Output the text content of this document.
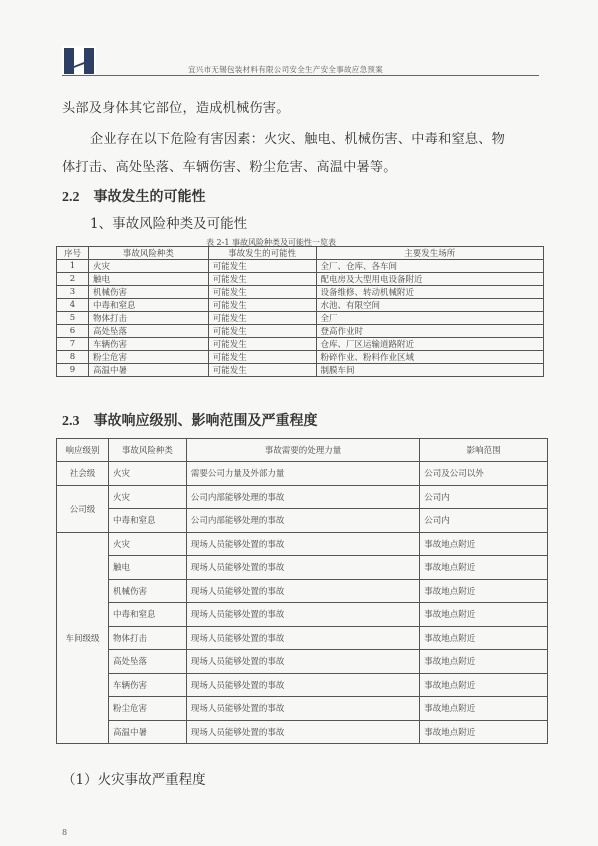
宜兴市无锡包装材料有限公司安全生产安全事故应急预案
头部及身体其它部位，造成机械伤害。
企业存在以下危险有害因素：火灾、触电、机械伤害、中毒和窒息、物
体打击、高处坠落、车辆伤害、粉尘危害、高温中暑等。
2.2 事故发生的可能性
1、事故风险种类及可能性
表 2-1 事故风险种类及可能性一览表
序号	事故风险种类	事故发生的可能性	主要发生场所
1	火灾	可能发生	全厂、仓库、各车间
2	触电	可能发生	配电房及大型用电设备附近
3	机械伤害	可能发生	设备维修、转动机械附近
4	中毒和窒息	可能发生	水池、有限空间
5	物体打击	可能发生	全厂
6	高处坠落	可能发生	登高作业时
7	车辆伤害	可能发生	仓库、厂区运输道路附近
8	粉尘危害	可能发生	粉碎作业、粉料作业区域
9	高温中暑	可能发生	制膜车间
2.3 事故响应级别、影响范围及严重程度
响应级别	事故风险种类	事故需要的处理力量	影响范围
社会级	火灾	需要公司力量及外部力量	公司及公司以外
公司级	火灾	公司内部能够处理的事故	公司内
	中毒和窒息	公司内部能够处理的事故	公司内
车间级级	火灾	现场人员能够处置的事故	事故地点附近
	触电	现场人员能够处置的事故	事故地点附近
	机械伤害	现场人员能够处置的事故	事故地点附近
	中毒和窒息	现场人员能够处置的事故	事故地点附近
	物体打击	现场人员能够处置的事故	事故地点附近
	高处坠落	现场人员能够处置的事故	事故地点附近
	车辆伤害	现场人员能够处置的事故	事故地点附近
	粉尘危害	现场人员能够处置的事故	事故地点附近
	高温中暑	现场人员能够处置的事故	事故地点附近
（1）火灾事故严重程度
8
